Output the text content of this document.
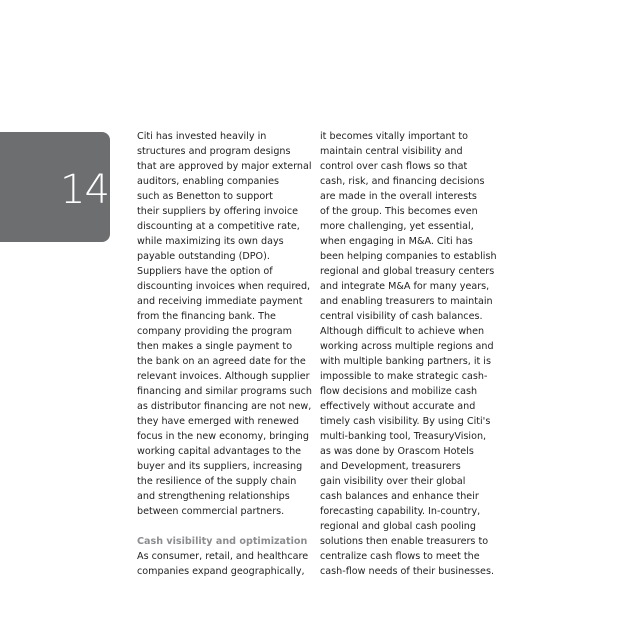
14
Citi has invested heavily in
structures and program designs
that are approved by major external
auditors, enabling companies
such as Benetton to support
their suppliers by offering invoice
discounting at a competitive rate,
while maximizing its own days
payable outstanding (DPO).
Suppliers have the option of
discounting invoices when required,
and receiving immediate payment
from the financing bank. The
company providing the program
then makes a single payment to
the bank on an agreed date for the
relevant invoices. Although supplier
financing and similar programs such
as distributor financing are not new,
they have emerged with renewed
focus in the new economy, bringing
working capital advantages to the
buyer and its suppliers, increasing
the resilience of the supply chain
and strengthening relationships
between commercial partners.
Cash visibility and optimization
As consumer, retail, and healthcare
companies expand geographically,
it becomes vitally important to
maintain central visibility and
control over cash flows so that
cash, risk, and financing decisions
are made in the overall interests
of the group. This becomes even
more challenging, yet essential,
when engaging in M&A. Citi has
been helping companies to establish
regional and global treasury centers
and integrate M&A for many years,
and enabling treasurers to maintain
central visibility of cash balances.
Although difficult to achieve when
working across multiple regions and
with multiple banking partners, it is
impossible to make strategic cash-
flow decisions and mobilize cash
effectively without accurate and
timely cash visibility. By using Citi's
multi-banking tool, TreasuryVision,
as was done by Orascom Hotels
and Development, treasurers
gain visibility over their global
cash balances and enhance their
forecasting capability. In-country,
regional and global cash pooling
solutions then enable treasurers to
centralize cash flows to meet the
cash-flow needs of their businesses.
